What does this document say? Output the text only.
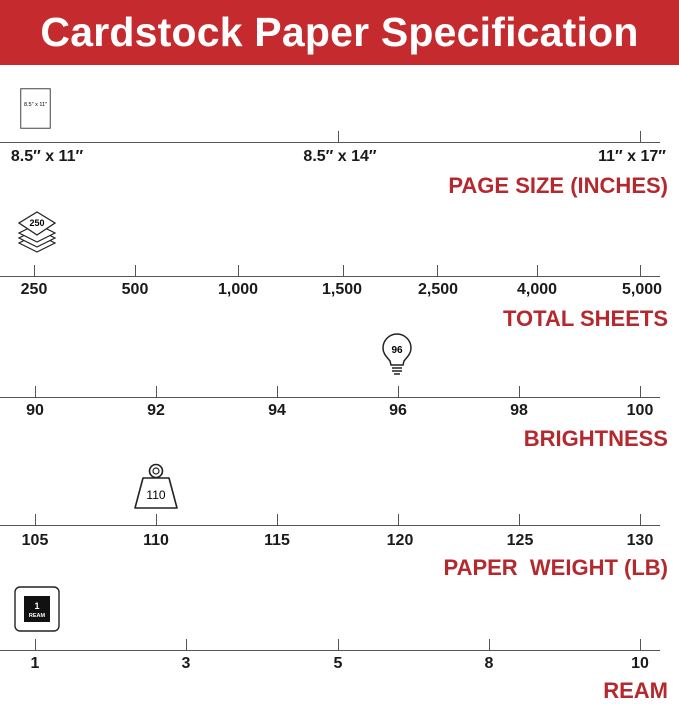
Cardstock Paper Specification
8.5″ x 11″
8.5″ x 11″	8.5″ x 14″	11″ x 17″
PAGE SIZE (INCHES)
250
250	500	1,000	1,500	2,500	4,000	5,000
TOTAL SHEETS
96
90	92	94	96	98	100
BRIGHTNESS
110
105	110	115	120	125	130
PAPER  WEIGHT (LB)
1
REAM
1	3	5	8	10
REAM
